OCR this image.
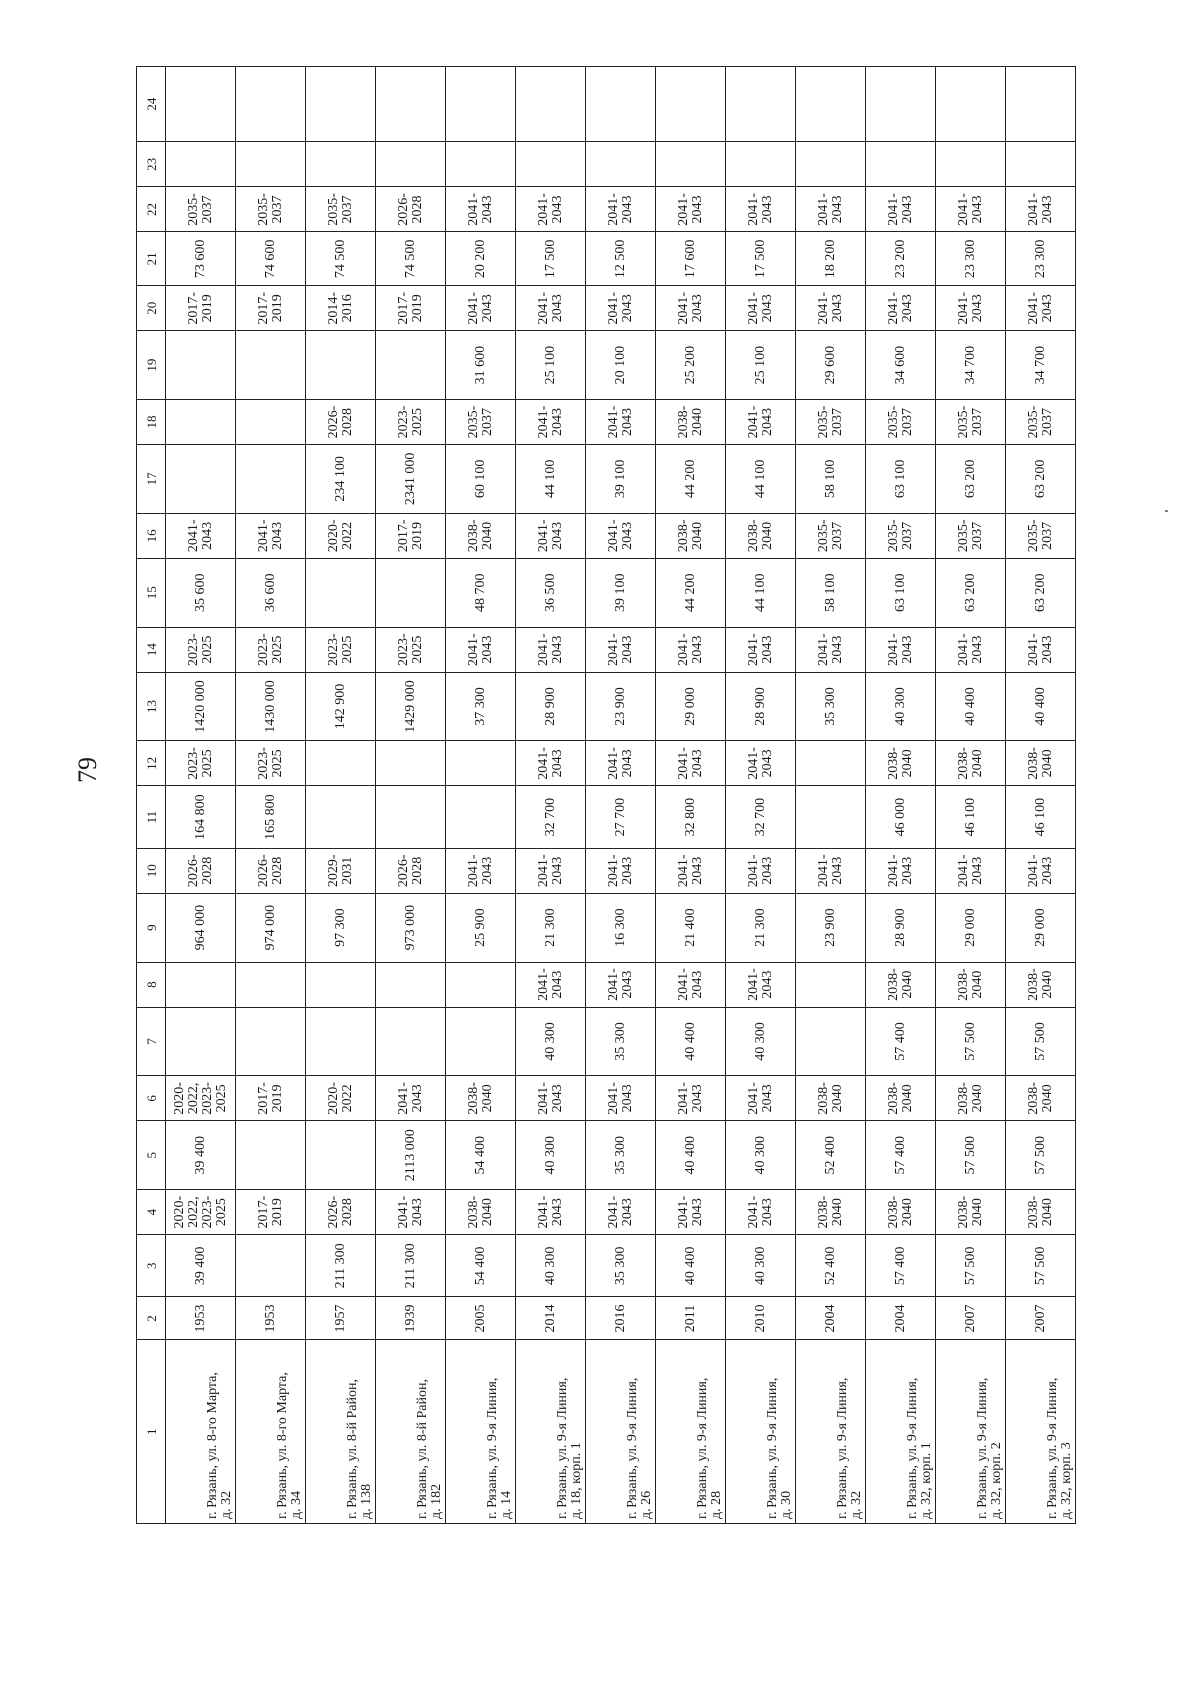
79
1	2	3	4	5	6	7	8	9	10	11	12	13	14	15	16	17	18	19	20	21	22	23	24
г. Рязань, ул. 8-го Марта,
д. 32	1953	39 400	2020-
2022,
2023-
2025	39 400	2020-
2022,
2023-
2025			964 000	2026-
2028	164 800	2023-
2025	1420 000	2023-
2025	35 600	2041-
2043				2017-
2019	73 600	2035-
2037		
г. Рязань, ул. 8-го Марта,
д. 34	1953		2017-
2019		2017-
2019			974 000	2026-
2028	165 800	2023-
2025	1430 000	2023-
2025	36 600	2041-
2043				2017-
2019	74 600	2035-
2037		
г. Рязань, ул. 8-й Район,
д. 138	1957	211 300	2026-
2028		2020-
2022			97 300	2029-
2031			142 900	2023-
2025		2020-
2022	234 100	2026-
2028		2014-
2016	74 500	2035-
2037		
г. Рязань, ул. 8-й Район,
д. 182	1939	211 300	2041-
2043	2113 000	2041-
2043			973 000	2026-
2028			1429 000	2023-
2025		2017-
2019	2341 000	2023-
2025		2017-
2019	74 500	2026-
2028		
г. Рязань, ул. 9-я Линия,
д. 14	2005	54 400	2038-
2040	54 400	2038-
2040			25 900	2041-
2043			37 300	2041-
2043	48 700	2038-
2040	60 100	2035-
2037	31 600	2041-
2043	20 200	2041-
2043		
г. Рязань, ул. 9-я Линия,
д. 18, корп. 1	2014	40 300	2041-
2043	40 300	2041-
2043	40 300	2041-
2043	21 300	2041-
2043	32 700	2041-
2043	28 900	2041-
2043	36 500	2041-
2043	44 100	2041-
2043	25 100	2041-
2043	17 500	2041-
2043		
г. Рязань, ул. 9-я Линия,
д. 26	2016	35 300	2041-
2043	35 300	2041-
2043	35 300	2041-
2043	16 300	2041-
2043	27 700	2041-
2043	23 900	2041-
2043	39 100	2041-
2043	39 100	2041-
2043	20 100	2041-
2043	12 500	2041-
2043		
г. Рязань, ул. 9-я Линия,
д. 28	2011	40 400	2041-
2043	40 400	2041-
2043	40 400	2041-
2043	21 400	2041-
2043	32 800	2041-
2043	29 000	2041-
2043	44 200	2038-
2040	44 200	2038-
2040	25 200	2041-
2043	17 600	2041-
2043		
г. Рязань, ул. 9-я Линия,
д. 30	2010	40 300	2041-
2043	40 300	2041-
2043	40 300	2041-
2043	21 300	2041-
2043	32 700	2041-
2043	28 900	2041-
2043	44 100	2038-
2040	44 100	2041-
2043	25 100	2041-
2043	17 500	2041-
2043		
г. Рязань, ул. 9-я Линия,
д. 32	2004	52 400	2038-
2040	52 400	2038-
2040			23 900	2041-
2043			35 300	2041-
2043	58 100	2035-
2037	58 100	2035-
2037	29 600	2041-
2043	18 200	2041-
2043		
г. Рязань, ул. 9-я Линия,
д. 32, корп. 1	2004	57 400	2038-
2040	57 400	2038-
2040	57 400	2038-
2040	28 900	2041-
2043	46 000	2038-
2040	40 300	2041-
2043	63 100	2035-
2037	63 100	2035-
2037	34 600	2041-
2043	23 200	2041-
2043		
г. Рязань, ул. 9-я Линия,
д. 32, корп. 2	2007	57 500	2038-
2040	57 500	2038-
2040	57 500	2038-
2040	29 000	2041-
2043	46 100	2038-
2040	40 400	2041-
2043	63 200	2035-
2037	63 200	2035-
2037	34 700	2041-
2043	23 300	2041-
2043		
г. Рязань, ул. 9-я Линия,
д. 32, корп. 3	2007	57 500	2038-
2040	57 500	2038-
2040	57 500	2038-
2040	29 000	2041-
2043	46 100	2038-
2040	40 400	2041-
2043	63 200	2035-
2037	63 200	2035-
2037	34 700	2041-
2043	23 300	2041-
2043		
